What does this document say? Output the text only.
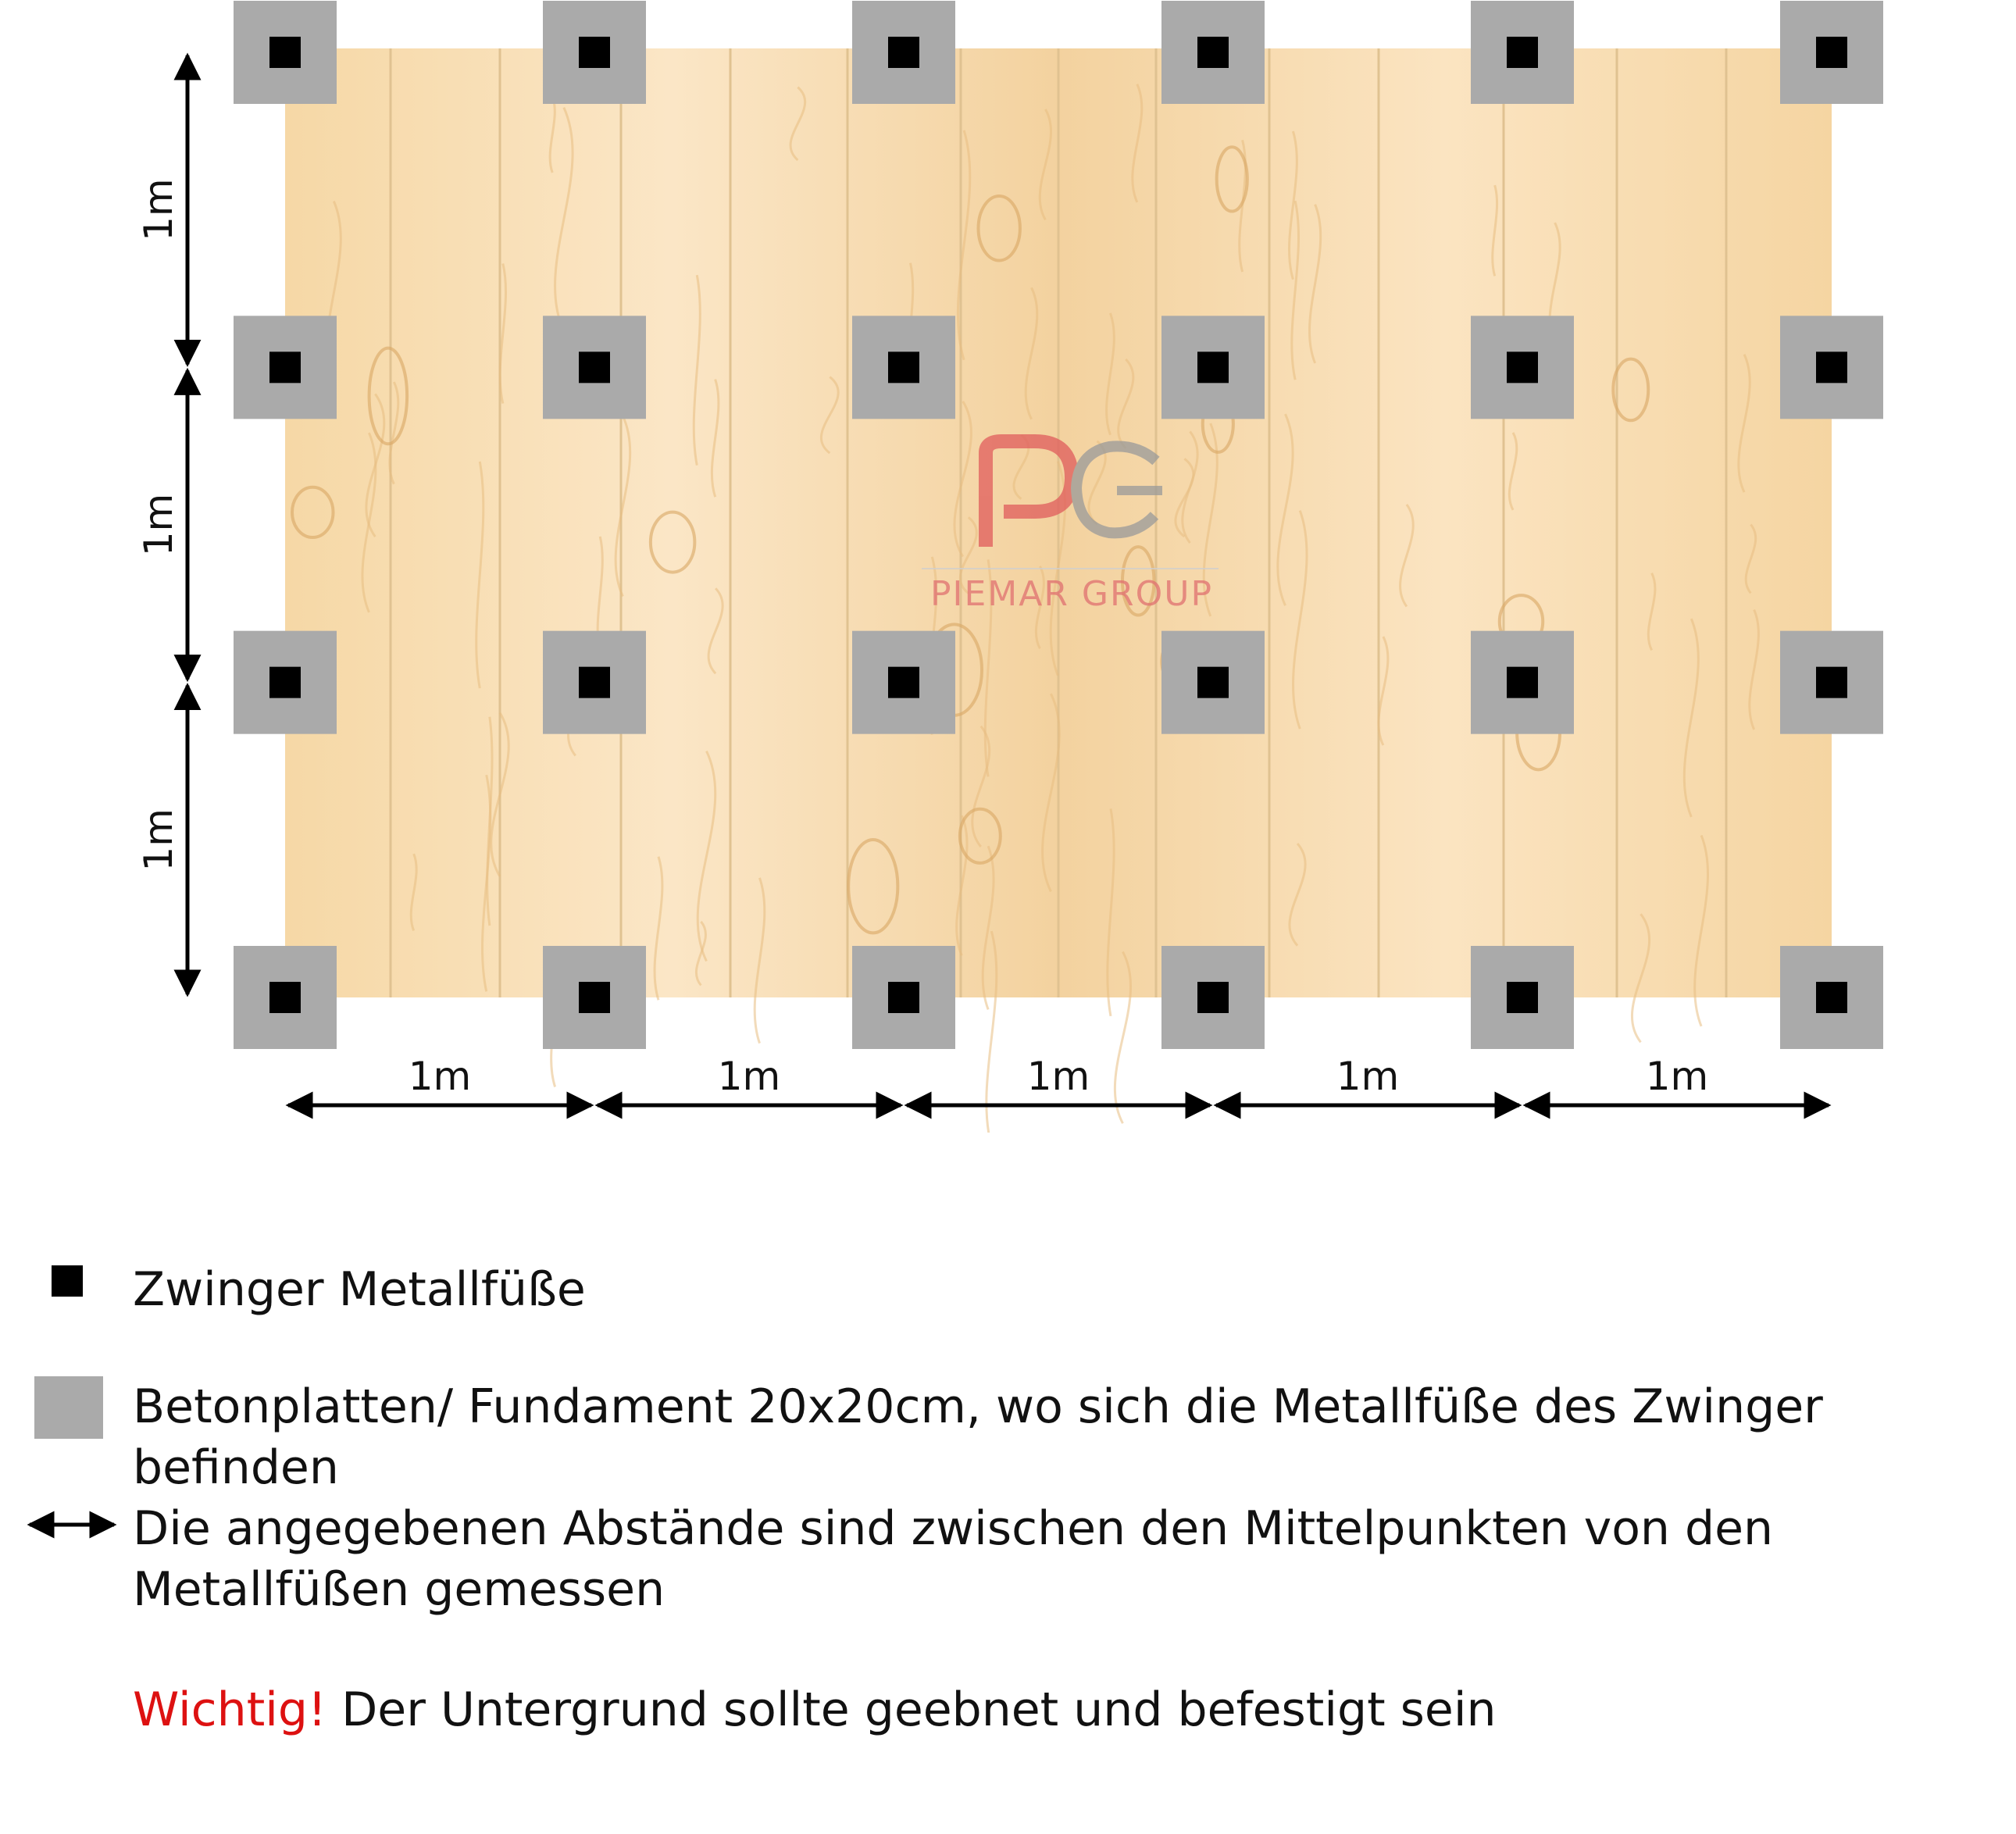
PIEMAR GROUP
1m
1m
1m
1m	1m	1m	1m	1m
Zwinger Metallfüße
Betonplatten/ Fundament 20x20cm, wo sich die Metallfüße des Zwinger befinden
Die angegebenen Abstände sind zwischen den Mittelpunkten von den
Metallfüßen gemessen
Wichtig! Der Untergrund sollte geebnet und befestigt sein
